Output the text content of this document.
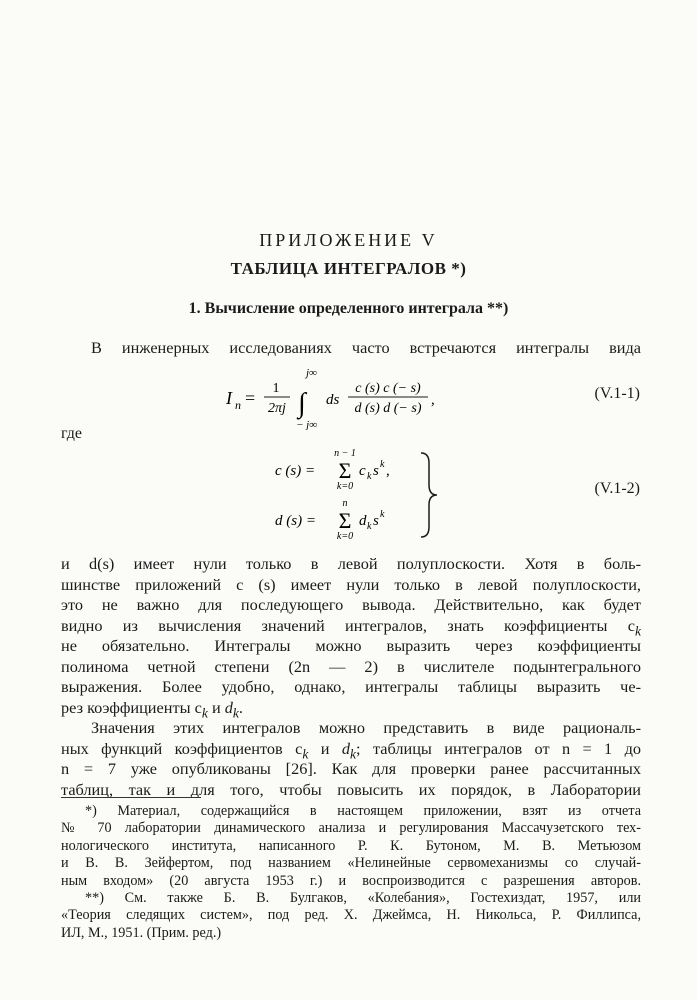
ПРИЛОЖЕНИЕ V
ТАБЛИЦА ИНТЕГРАЛОВ *)
1. Вычисление определенного интеграла **)
В инженерных исследованиях часто встречаются интегралы вида
I n = 1
2πj
j∞
∫
− j∞
ds
c (s) c (− s)
d (s) d (− s)
,	(V.1-1)
где
c (s) =
n − 1
Σ
k=0
c k s k ,
d (s) =
n
Σ
k=0
d k s k
(V.1-2)
и d(s) имеет нули только в левой полуплоскости. Хотя в боль-
шинстве приложений c (s) имеет нули только в левой полуплоскости,
это не важно для последующего вывода. Действительно, как будет
видно из вычисления значений интегралов, знать коэффициенты $c_k$
не обязательно. Интегралы можно выразить через коэффициенты
полинома четной степени (2n — 2) в числителе подынтегрального
выражения. Более удобно, однако, интегралы таблицы выразить че-
рез коэффициенты $c_k$ и $d_k$.
Значения этих интегралов можно представить в виде рациональ-
ных функций коэффициентов $c_k$ и $d_k$; таблицы интегралов от n = 1 до
n = 7 уже опубликованы [26]. Как для проверки ранее рассчитанных
таблиц, так и для того, чтобы повысить их порядок, в Лаборатории
*) Материал, содержащийся в настоящем приложении, взят из отчета
№ 70 лаборатории динамического анализа и регулирования Массачузетского тех-
нологического института, написанного Р. К. Бутоном, М. В. Метьюзом
и В. В. Зейфертом, под названием «Нелинейные сервомеханизмы со случай-
ным входом» (20 августа 1953 г.) и воспроизводится с разрешения авторов.
**) См. также Б. В. Булгаков, «Колебания», Гостехиздат, 1957, или
«Теория следящих систем», под ред. Х. Джеймса, Н. Никольса, Р. Филлипса,
ИЛ, М., 1951. (Прим. ред.)
